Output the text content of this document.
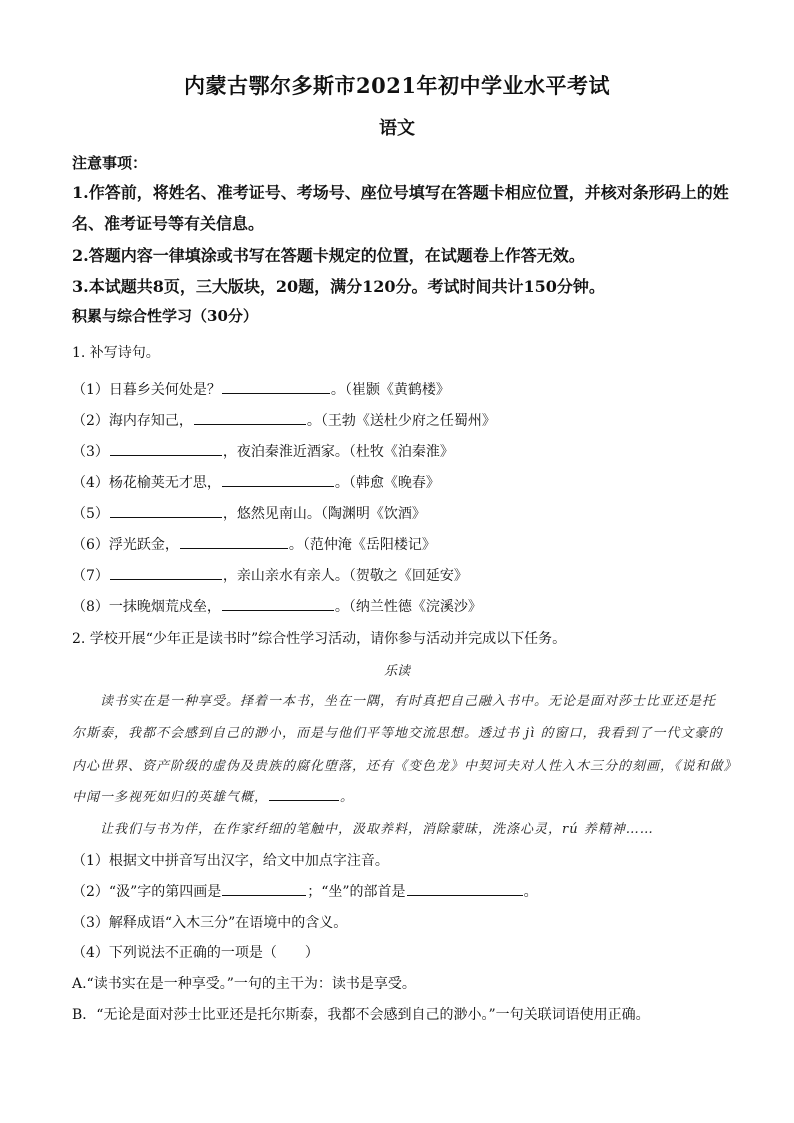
内蒙古鄂尔多斯市2021年初中学业水平考试
语文
注意事项：
1.作答前，将姓名、准考证号、考场号、座位号填写在答题卡相应位置，并核对条形码上的姓
名、准考证号等有关信息。
2.答题内容一律填涂或书写在答题卡规定的位置，在试题卷上作答无效。
3.本试题共8页，三大版块，20题，满分120分。考试时间共计150分钟。
积累与综合性学习（30分）
1. 补写诗句。
（1）日暮乡关何处是？	。（崔颢《黄鹤楼》
（2）海内存知己，	。（王勃《送杜少府之任蜀州》
（3）	，夜泊秦淮近酒家。（杜牧《泊秦淮》
（4）杨花榆荚无才思，	。（韩愈《晚春》
（5）	，悠然见南山。（陶渊明《饮酒》
（6）浮光跃金，	。（范仲淹《岳阳楼记》
（7）	，亲山亲水有亲人。（贺敬之《回延安》
（8）一抹晚烟荒戍垒，	。（纳兰性德《浣溪沙》
2. 学校开展“少年正是读书时”综合性学习活动，请你参与活动并完成以下任务。
乐读
读书实在是一种享受。择着一本书，坐在一隅，有时真把自己融入书中。无论是面对莎士比亚还是托
尔斯泰，我都不会感到自己的渺小，而是与他们平等地交流思想。透过书 jì 的窗口，我看到了一代文豪的
内心世界、资产阶级的虚伪及贵族的腐化堕落，还有《变色龙》中契诃夫对人性入木三分的刻画，《说和做》
中闻一多视死如归的英雄气概，	。
让我们与书为伴，在作家纤细的笔触中，汲取养料，消除蒙昧，洗涤心灵，rú 养精神……
（1）根据文中拼音写出汉字，给文中加点字注音。
（2）“汲”字的第四画是	；“坐”的部首是	。
（3）解释成语“入木三分”在语境中的含义。
（4）下列说法不正确的一项是（　　）
A.“读书实在是一种享受。”一句的主干为：读书是享受。
B．“无论是面对莎士比亚还是托尔斯泰，我都不会感到自己的渺小。”一句关联词语使用正确。
